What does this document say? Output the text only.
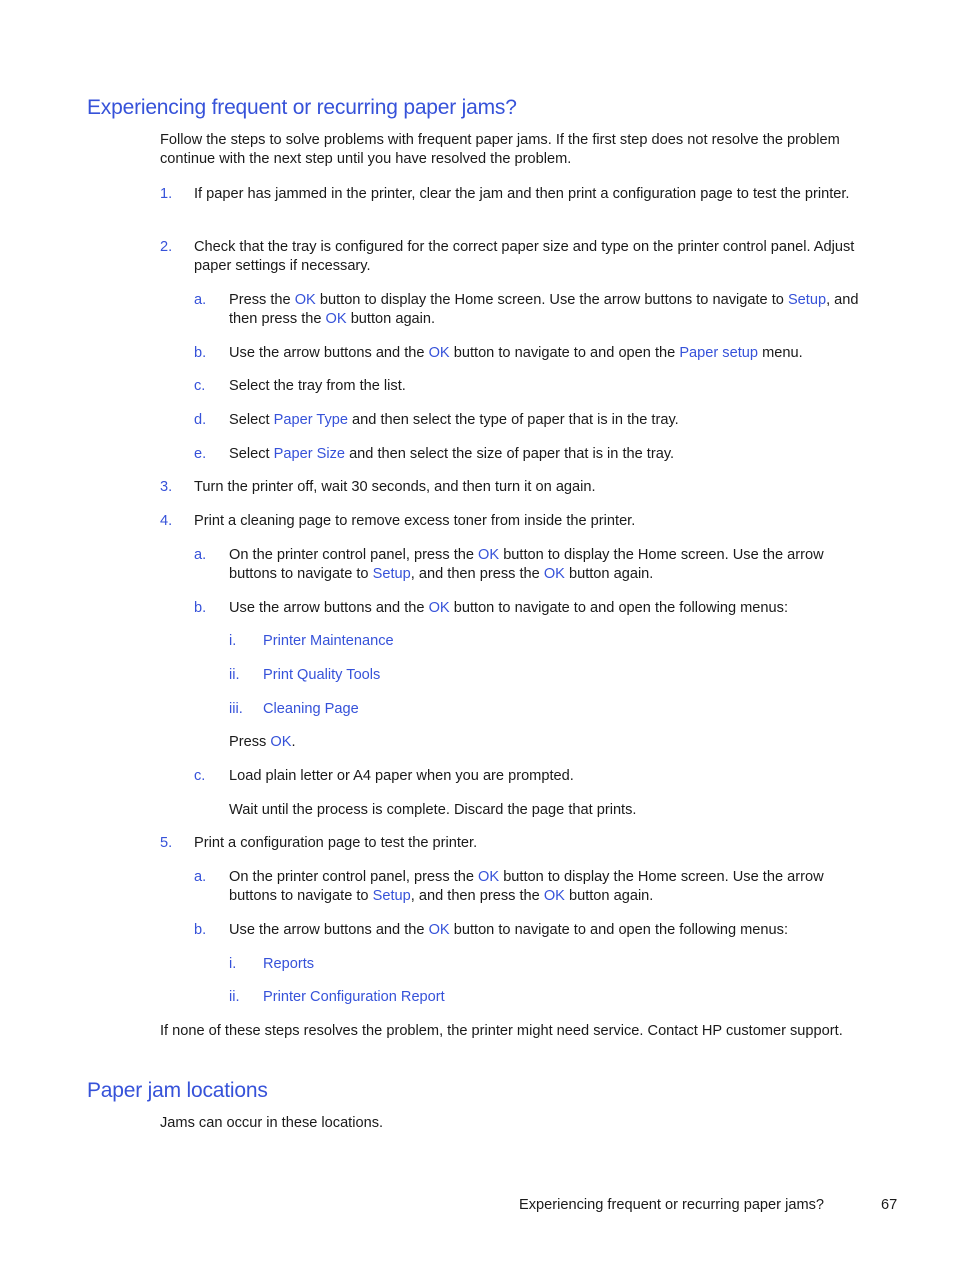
Experiencing frequent or recurring paper jams?
Follow the steps to solve problems with frequent paper jams. If the first step does not resolve the problem continue with the next step until you have resolved the problem.
1. If paper has jammed in the printer, clear the jam and then print a configuration page to test the printer.
2. Check that the tray is configured for the correct paper size and type on the printer control panel. Adjust paper settings if necessary.
a. Press the OK button to display the Home screen. Use the arrow buttons to navigate to Setup, and then press the OK button again.
b. Use the arrow buttons and the OK button to navigate to and open the Paper setup menu.
c. Select the tray from the list.
d. Select Paper Type and then select the type of paper that is in the tray.
e. Select Paper Size and then select the size of paper that is in the tray.
3. Turn the printer off, wait 30 seconds, and then turn it on again.
4. Print a cleaning page to remove excess toner from inside the printer.
a. On the printer control panel, press the OK button to display the Home screen. Use the arrow buttons to navigate to Setup, and then press the OK button again.
b. Use the arrow buttons and the OK button to navigate to and open the following menus:
i. Printer Maintenance
ii. Print Quality Tools
iii. Cleaning Page
Press OK.
c. Load plain letter or A4 paper when you are prompted.
Wait until the process is complete. Discard the page that prints.
5. Print a configuration page to test the printer.
a. On the printer control panel, press the OK button to display the Home screen. Use the arrow buttons to navigate to Setup, and then press the OK button again.
b. Use the arrow buttons and the OK button to navigate to and open the following menus:
i. Reports
ii. Printer Configuration Report
If none of these steps resolves the problem, the printer might need service. Contact HP customer support.
Paper jam locations
Jams can occur in these locations.
Experiencing frequent or recurring paper jams?	67
